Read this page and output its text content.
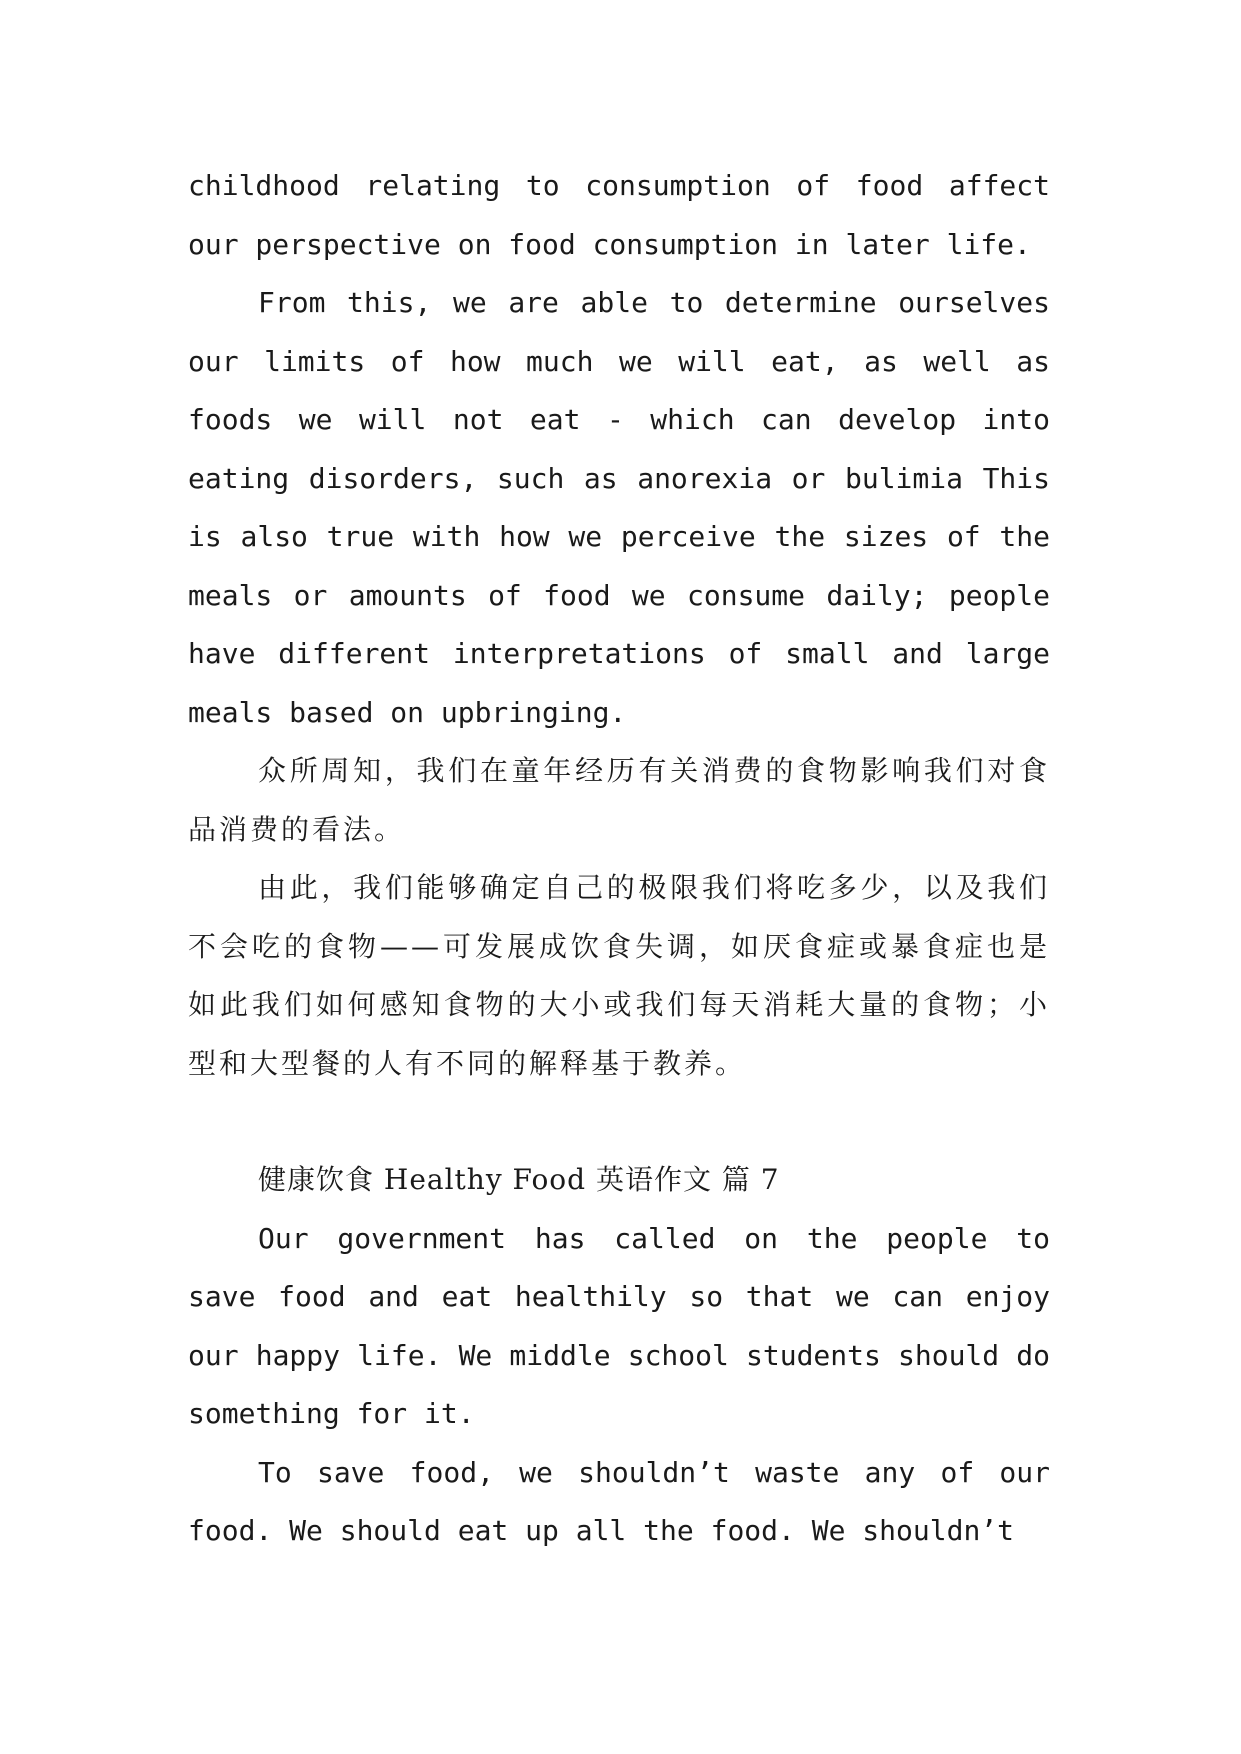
childhood relating to consumption of food affect our perspective on food consumption in later life.

From this, we are able to determine ourselves our limits of how much we will eat, as well as foods we will not eat - which can develop into eating disorders, such as anorexia or bulimia This is also true with how we perceive the sizes of the meals or amounts of food we consume daily; people have different interpretations of small and large meals based on upbringing.

众所周知，我们在童年经历有关消费的食物影响我们对食品消费的看法。

由此，我们能够确定自己的极限我们将吃多少，以及我们不会吃的食物——可发展成饮食失调，如厌食症或暴食症也是如此我们如何感知食物的大小或我们每天消耗大量的食物；小型和大型餐的人有不同的解释基于教养。

健康饮食 Healthy Food 英语作文 篇 7

Our government has called on the people to save food and eat healthily so that we can enjoy our happy life. We middle school students should do something for it.

To save food, we shouldn’t waste any of our food. We should eat up all the food. We shouldn’t
